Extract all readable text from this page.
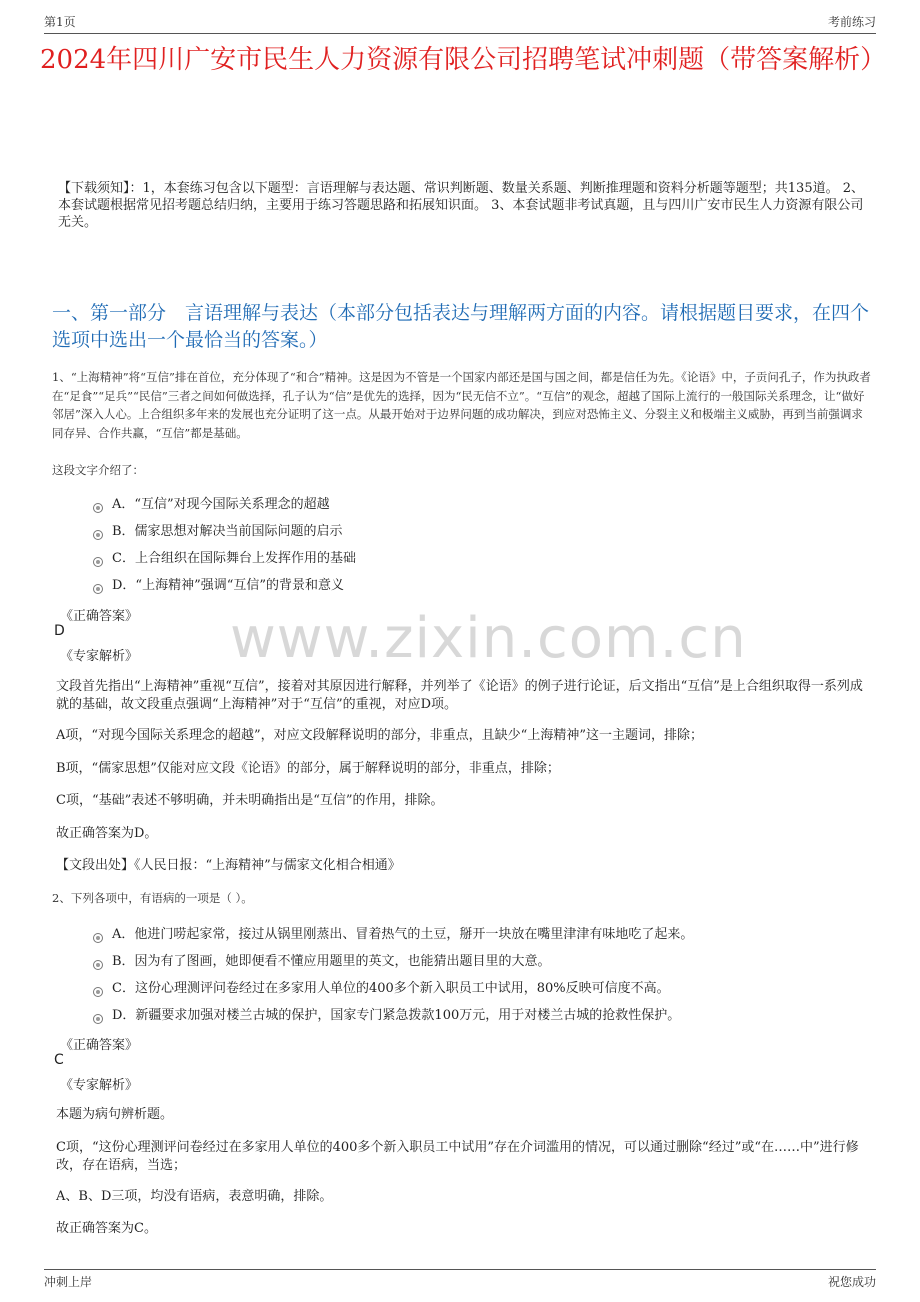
第1页	考前练习
2024年四川广安市民生人力资源有限公司招聘笔试冲刺题（带答案解析）
【下载须知】：1，本套练习包含以下题型：言语理解与表达题、常识判断题、数量关系题、判断推理题和资料分析题等题型；共135道。 2、本套试题根据常见招考题总结归纳，主要用于练习答题思路和拓展知识面。 3、本套试题非考试真题，且与四川广安市民生人力资源有限公司无关。
一、第一部分　言语理解与表达（本部分包括表达与理解两方面的内容。请根据题目要求，在四个选项中选出一个最恰当的答案。）
1、“上海精神”将“互信”排在首位，充分体现了“和合”精神。这是因为不管是一个国家内部还是国与国之间，都是信任为先。《论语》中，子贡问孔子，作为执政者在“足食”“足兵”“民信”三者之间如何做选择，孔子认为“信”是优先的选择，因为“民无信不立”。“互信”的观念，超越了国际上流行的一般国际关系理念，让“做好邻居”深入人心。上合组织多年来的发展也充分证明了这一点。从最开始对于边界问题的成功解决，到应对恐怖主义、分裂主义和极端主义威胁，再到当前强调求同存异、合作共赢，“互信”都是基础。
这段文字介绍了：
A．“互信”对现今国际关系理念的超越
B．儒家思想对解决当前国际问题的启示
C．上合组织在国际舞台上发挥作用的基础
D．“上海精神”强调“互信”的背景和意义
《正确答案》
D
《专家解析》 www.zixin.com.cn
文段首先指出“上海精神”重视“互信”，接着对其原因进行解释，并列举了《论语》的例子进行论证，后文指出“互信”是上合组织取得一系列成就的基础，故文段重点强调“上海精神”对于“互信”的重视，对应D项。
A项，“对现今国际关系理念的超越”，对应文段解释说明的部分，非重点，且缺少“上海精神”这一主题词，排除；
B项，“儒家思想”仅能对应文段《论语》的部分，属于解释说明的部分，非重点，排除；
C项，“基础”表述不够明确，并未明确指出是“互信”的作用，排除。
故正确答案为D。
【文段出处】《人民日报：“上海精神”与儒家文化相合相通》
2、下列各项中，有语病的一项是（ ）。
A．他进门唠起家常，接过从锅里刚蒸出、冒着热气的土豆，掰开一块放在嘴里津津有味地吃了起来。
B．因为有了图画，她即便看不懂应用题里的英文，也能猜出题目里的大意。
C．这份心理测评问卷经过在多家用人单位的400多个新入职员工中试用，80%反映可信度不高。
D．新疆要求加强对楼兰古城的保护，国家专门紧急拨款100万元，用于对楼兰古城的抢救性保护。
《正确答案》
C
《专家解析》
本题为病句辨析题。
C项，“这份心理测评问卷经过在多家用人单位的400多个新入职员工中试用”存在介词滥用的情况，可以通过删除“经过”或“在……中”进行修改，存在语病，当选；
A、B、D三项，均没有语病，表意明确，排除。
故正确答案为C。
冲刺上岸	祝您成功
